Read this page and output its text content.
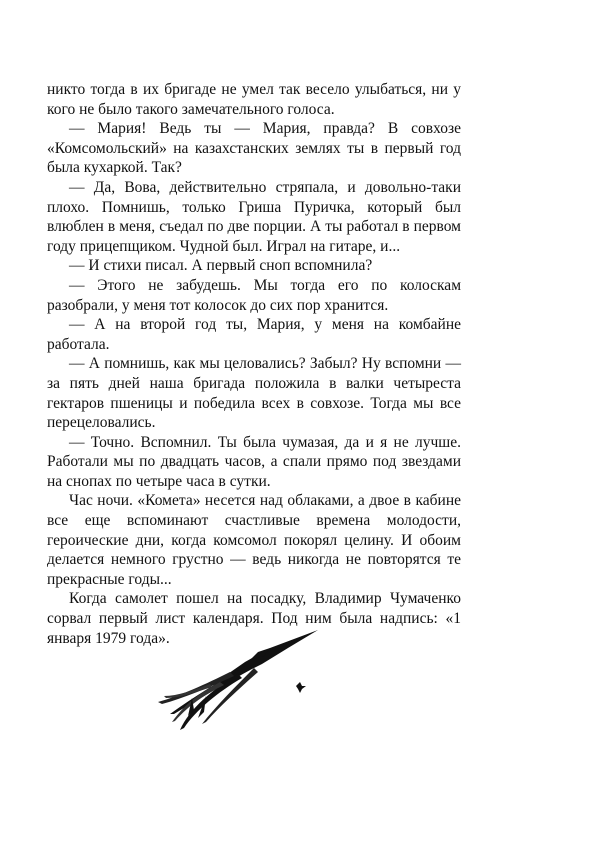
никто тогда в их бригаде не умел так весело улыбаться, ни у кого не было такого замечательного голоса.

— Мария! Ведь ты — Мария, правда? В совхозе «Комсомольский» на казахстанских землях ты в первый год была кухаркой. Так?

— Да, Вова, действительно стряпала, и довольно-таки плохо. Помнишь, только Гриша Пуричка, который был влюблен в меня, съедал по две порции. А ты работал в первом году прицепщиком. Чудной был. Играл на гитаре, и...

— И стихи писал. А первый сноп вспомнила?

— Этого не забудешь. Мы тогда его по колоскам разобрали, у меня тот колосок до сих пор хранится.

— А на второй год ты, Мария, у меня на комбайне работала.

— А помнишь, как мы целовались? Забыл? Ну вспомни — за пять дней наша бригада положила в валки четыреста гектаров пшеницы и победила всех в совхозе. Тогда мы все перецеловались.

— Точно. Вспомнил. Ты была чумазая, да и я не лучше. Работали мы по двадцать часов, а спали прямо под звездами на снопах по четыре часа в сутки.

Час ночи. «Комета» несется над облаками, а двое в кабине все еще вспоминают счастливые времена молодости, героические дни, когда комсомол покорял целину. И обоим делается немного грустно — ведь никогда не повторятся те прекрасные годы...

Когда самолет пошел на посадку, Владимир Чумаченко сорвал первый лист календаря. Под ним была надпись: «1 января 1979 года».
